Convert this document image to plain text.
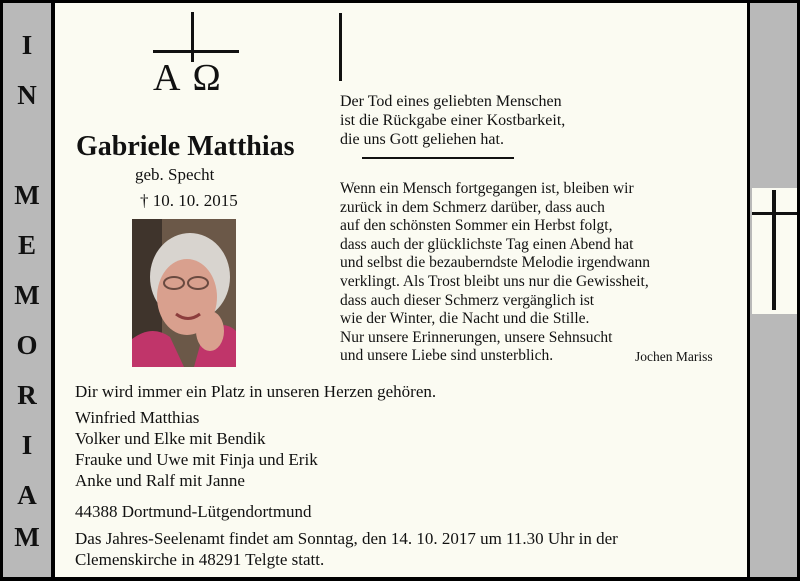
I
N
M
E
M
O
R
I
A
M
AΩ
Gabriele Matthias
geb. Specht
† 10. 10. 2015
Der Tod eines geliebten Menschen
ist die Rückgabe einer Kostbarkeit,
die uns Gott geliehen hat.
Wenn ein Mensch fortgegangen ist, bleiben wir
zurück in dem Schmerz darüber, dass auch
auf den schönsten Sommer ein Herbst folgt,
dass auch der glücklichste Tag einen Abend hat
und selbst die bezauberndste Melodie irgendwann
verklingt. Als Trost bleibt uns nur die Gewissheit,
dass auch dieser Schmerz vergänglich ist
wie der Winter, die Nacht und die Stille.
Nur unsere Erinnerungen, unsere Sehnsucht
und unsere Liebe sind unsterblich.	Jochen Mariss
Dir wird immer ein Platz in unseren Herzen gehören.
Winfried Matthias
Volker und Elke mit Bendik
Frauke und Uwe mit Finja und Erik
Anke und Ralf mit Janne
44388 Dortmund-Lütgendortmund
Das Jahres-Seelenamt findet am Sonntag, den 14. 10. 2017 um 11.30 Uhr in der
Clemenskirche in 48291 Telgte statt.
